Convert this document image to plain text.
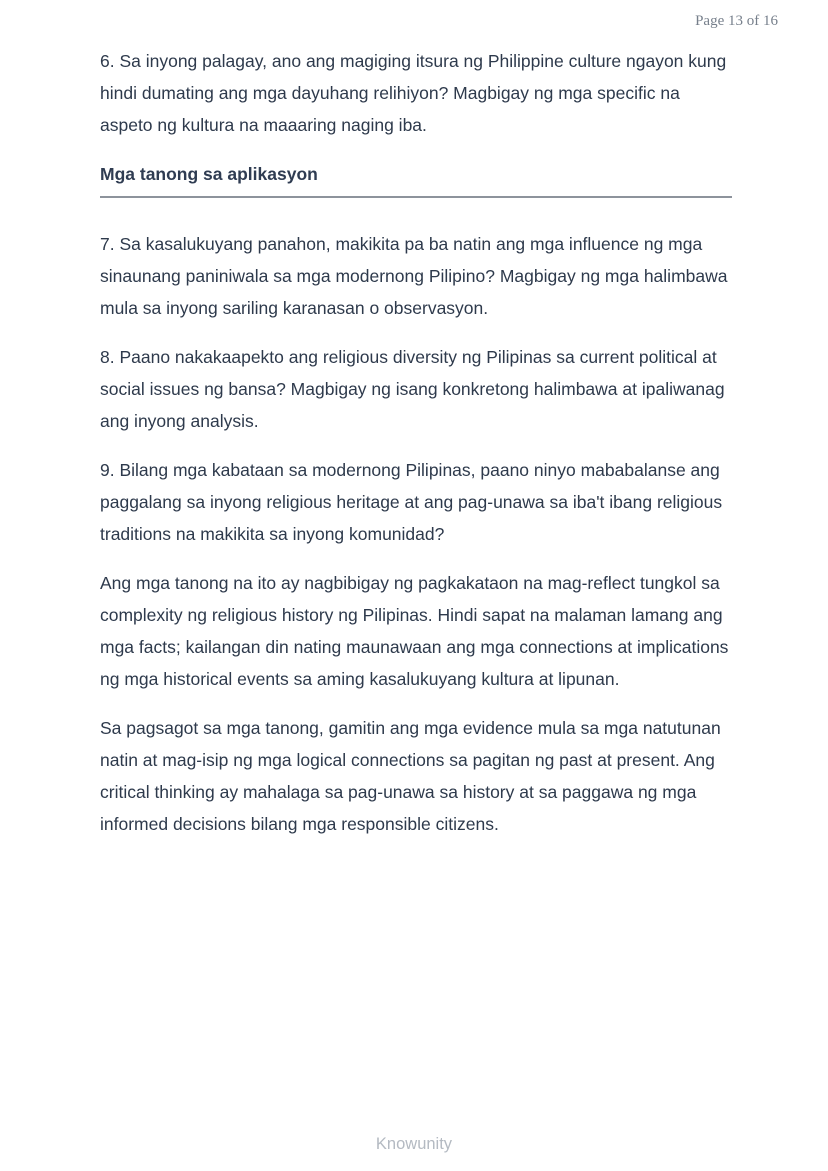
Page 13 of 16

6. Sa inyong palagay, ano ang magiging itsura ng Philippine culture ngayon kung hindi dumating ang mga dayuhang relihiyon? Magbigay ng mga specific na aspeto ng kultura na maaaring naging iba.

Mga tanong sa aplikasyon

7. Sa kasalukuyang panahon, makikita pa ba natin ang mga influence ng mga sinaunang paniniwala sa mga modernong Pilipino? Magbigay ng mga halimbawa mula sa inyong sariling karanasan o observasyon.

8. Paano nakakaapekto ang religious diversity ng Pilipinas sa current political at social issues ng bansa? Magbigay ng isang konkretong halimbawa at ipaliwanag ang inyong analysis.

9. Bilang mga kabataan sa modernong Pilipinas, paano ninyo mababalanse ang paggalang sa inyong religious heritage at ang pag-unawa sa iba't ibang religious traditions na makikita sa inyong komunidad?

Ang mga tanong na ito ay nagbibigay ng pagkakataon na mag-reflect tungkol sa complexity ng religious history ng Pilipinas. Hindi sapat na malaman lamang ang mga facts; kailangan din nating maunawaan ang mga connections at implications ng mga historical events sa aming kasalukuyang kultura at lipunan.

Sa pagsagot sa mga tanong, gamitin ang mga evidence mula sa mga natutunan natin at mag-isip ng mga logical connections sa pagitan ng past at present. Ang critical thinking ay mahalaga sa pag-unawa sa history at sa paggawa ng mga informed decisions bilang mga responsible citizens.

Knowunity
